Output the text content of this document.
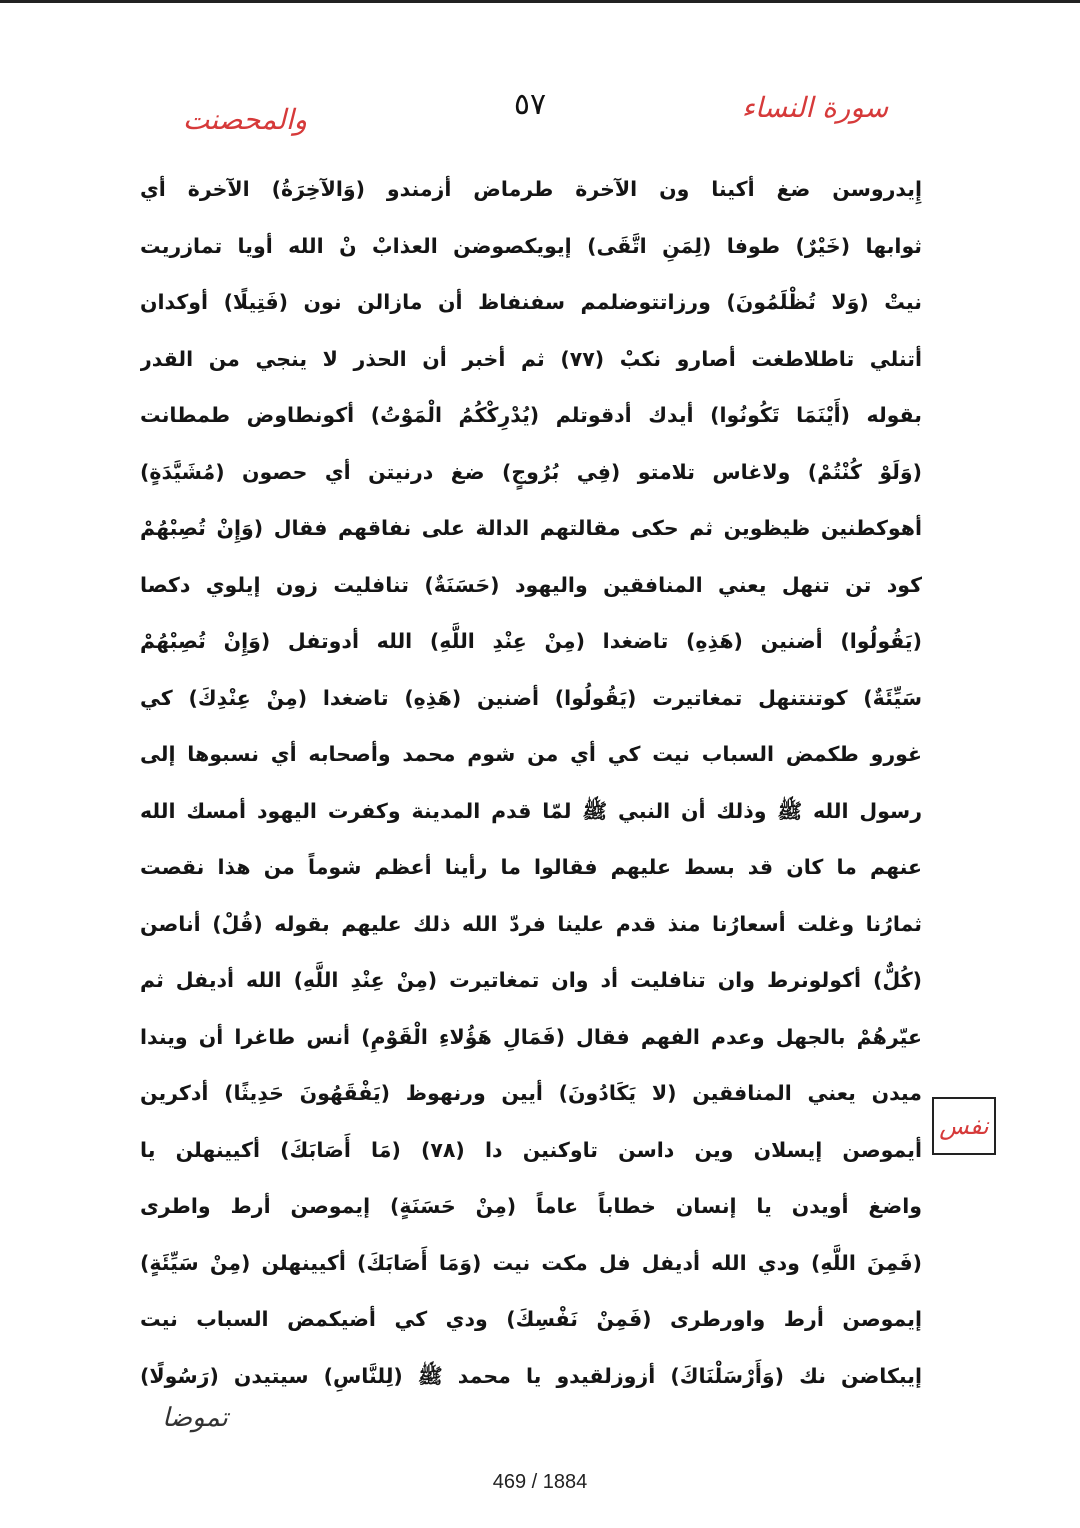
والمحصنت	٥٧	سورة النساء
إِيدروسن ضغ أكينا ون الآخرة طرماض أزمندو (وَالآخِرَةُ) الآخرة أي
ثوابها (خَيْرٌ) طوفا (لِمَنِ اتَّقَى) إيويكصوضن العذابْ نْ الله أويا تمازريت
نيتْ (وَلا تُظْلَمُونَ) ورزاتتوضلمم سفنفاظ أن مازالن نون (فَتِيلًا) أوكدان
أتنلي تاطلاطغت أصارو نكبْ (٧٧) ثم أخبر أن الحذر لا ينجي من القدر
بقوله (أَيْنَمَا تَكُونُوا) أيدك أدقوتلم (يُدْرِكْكُمُ الْمَوْتُ) أكونطاوض طمطانت
(وَلَوْ كُنْتُمْ) ولاغاس تلامتو (فِي بُرُوجٍ) ضغ درنيتن أي حصون (مُشَيَّدَةٍ)
أهوكطنين ظيظوين ثم حكى مقالتهم الدالة على نفاقهم فقال (وَإِنْ تُصِبْهُمْ
كود تن تنهل يعني المنافقين واليهود (حَسَنَةٌ) تنافليت زون إيلوي دكصا
(يَقُولُوا) أضنين (هَذِهِ) تاضغدا (مِنْ عِنْدِ اللَّهِ) الله أدوتفل (وَإِنْ تُصِبْهُمْ
سَيِّئَةٌ) كوتنتنهل تمغاتيرت (يَقُولُوا) أضنين (هَذِهِ) تاضغدا (مِنْ عِنْدِكَ) كي
غورو طكمض السباب نيت كي أي من شوم محمد وأصحابه أي نسبوها إلى
رسول الله ﷺ وذلك أن النبي ﷺ لمّا قدم المدينة وكفرت اليهود أمسك الله
عنهم ما كان قد بسط عليهم فقالوا ما رأينا أعظم شوماً من هذا نقصت
ثمارُنا وغلت أسعارُنا منذ قدم علينا فردّ الله ذلك عليهم بقوله (قُلْ) أناصن
(كُلٌّ) أكولونرط وان تنافليت أد وان تمغاتيرت (مِنْ عِنْدِ اللَّهِ) الله أديفل ثم
عيّرهُمْ بالجهل وعدم الفهم فقال (فَمَالِ هَؤُلاءِ الْقَوْمِ) أنس طاغرا أن ويندا
ميدن يعني المنافقين (لا يَكَادُونَ) أيين ورنهوظ (يَفْقَهُونَ حَدِيثًا) أدكرين
أيموصن إيسلان وين داسن تاوكنين دا (٧٨) (مَا أَصَابَكَ) أكيينهلن يا
واضغ أويدن يا إنسان خطاباً عاماً (مِنْ حَسَنَةٍ) إيموصن أرط واطرى
(فَمِنَ اللَّهِ) ودي الله أديفل فل مكت نيت (وَمَا أَصَابَكَ) أكيينهلن (مِنْ سَيِّئَةٍ)
إيموصن أرط واورطرى (فَمِنْ نَفْسِكَ) ودي كي أضيكمض السباب نيت
إيبكاضن نك (وَأَرْسَلْنَاكَ) أزوزلقيدو يا محمد ﷺ (لِلنَّاسِ) سيتيدن (رَسُولًا)
نفس
تموضا
469 / 1884
